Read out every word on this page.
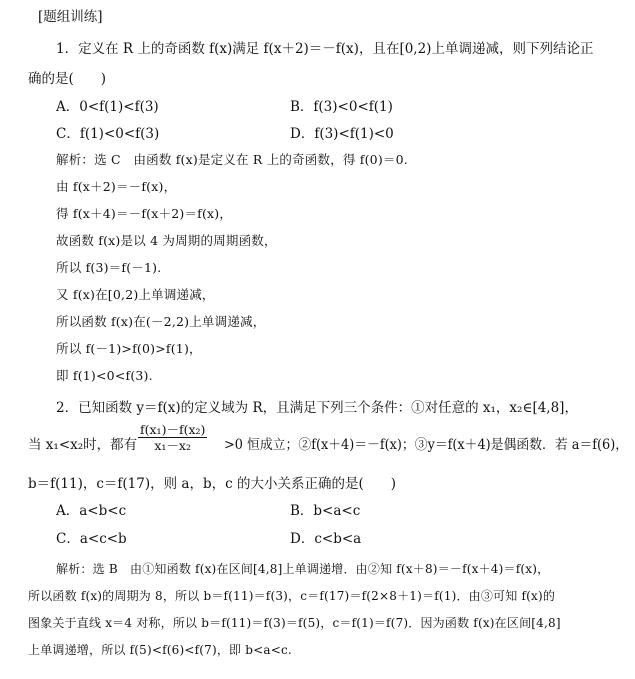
[题组训练]
1．定义在 R 上的奇函数 f(x)满足 f(x＋2)＝－f(x)，且在[0,2)上单调递减，则下列结论正
确的是(　　)
A．0<f(1)<f(3)	B．f(3)<0<f(1)
C．f(1)<0<f(3)	D．f(3)<f(1)<0
解析：选 C　由函数 f(x)是定义在 R 上的奇函数，得 f(0)＝0.
由 f(x＋2)＝－f(x)，
得 f(x＋4)＝－f(x＋2)＝f(x)，
故函数 f(x)是以 4 为周期的周期函数，
所以 f(3)＝f(－1).
又 f(x)在[0,2)上单调递减，
所以函数 f(x)在(－2,2)上单调递减，
所以 f(－1)>f(0)>f(1)，
即 f(1)<0<f(3).
2．已知函数 y＝f(x)的定义域为 R，且满足下列三个条件：①对任意的 x₁，x₂∈[4,8]，
当 x₁<x₂时，都有 $\frac{\text{f(x₁)－f(x₂)}}{\text{x₁－x₂}} >0$ 恒成立；②f(x＋4)＝－f(x)；③y＝f(x＋4)是偶函数．若 a＝f(6)，
b＝f(11)，c＝f(17)，则 a，b，c 的大小关系正确的是(　　)
A．a<b<c	B．b<a<c
C．a<c<b	D．c<b<a
解析：选 B　由①知函数 f(x)在区间[4,8]上单调递增．由②知 f(x＋8)＝－f(x＋4)＝f(x)，
所以函数 f(x)的周期为 8，所以 b＝f(11)＝f(3)，c＝f(17)＝f(2×8＋1)＝f(1)．由③可知 f(x)的
图象关于直线 x＝4 对称，所以 b＝f(11)＝f(3)＝f(5)，c＝f(1)＝f(7)．因为函数 f(x)在区间[4,8]
上单调递增，所以 f(5)<f(6)<f(7)，即 b<a<c.
